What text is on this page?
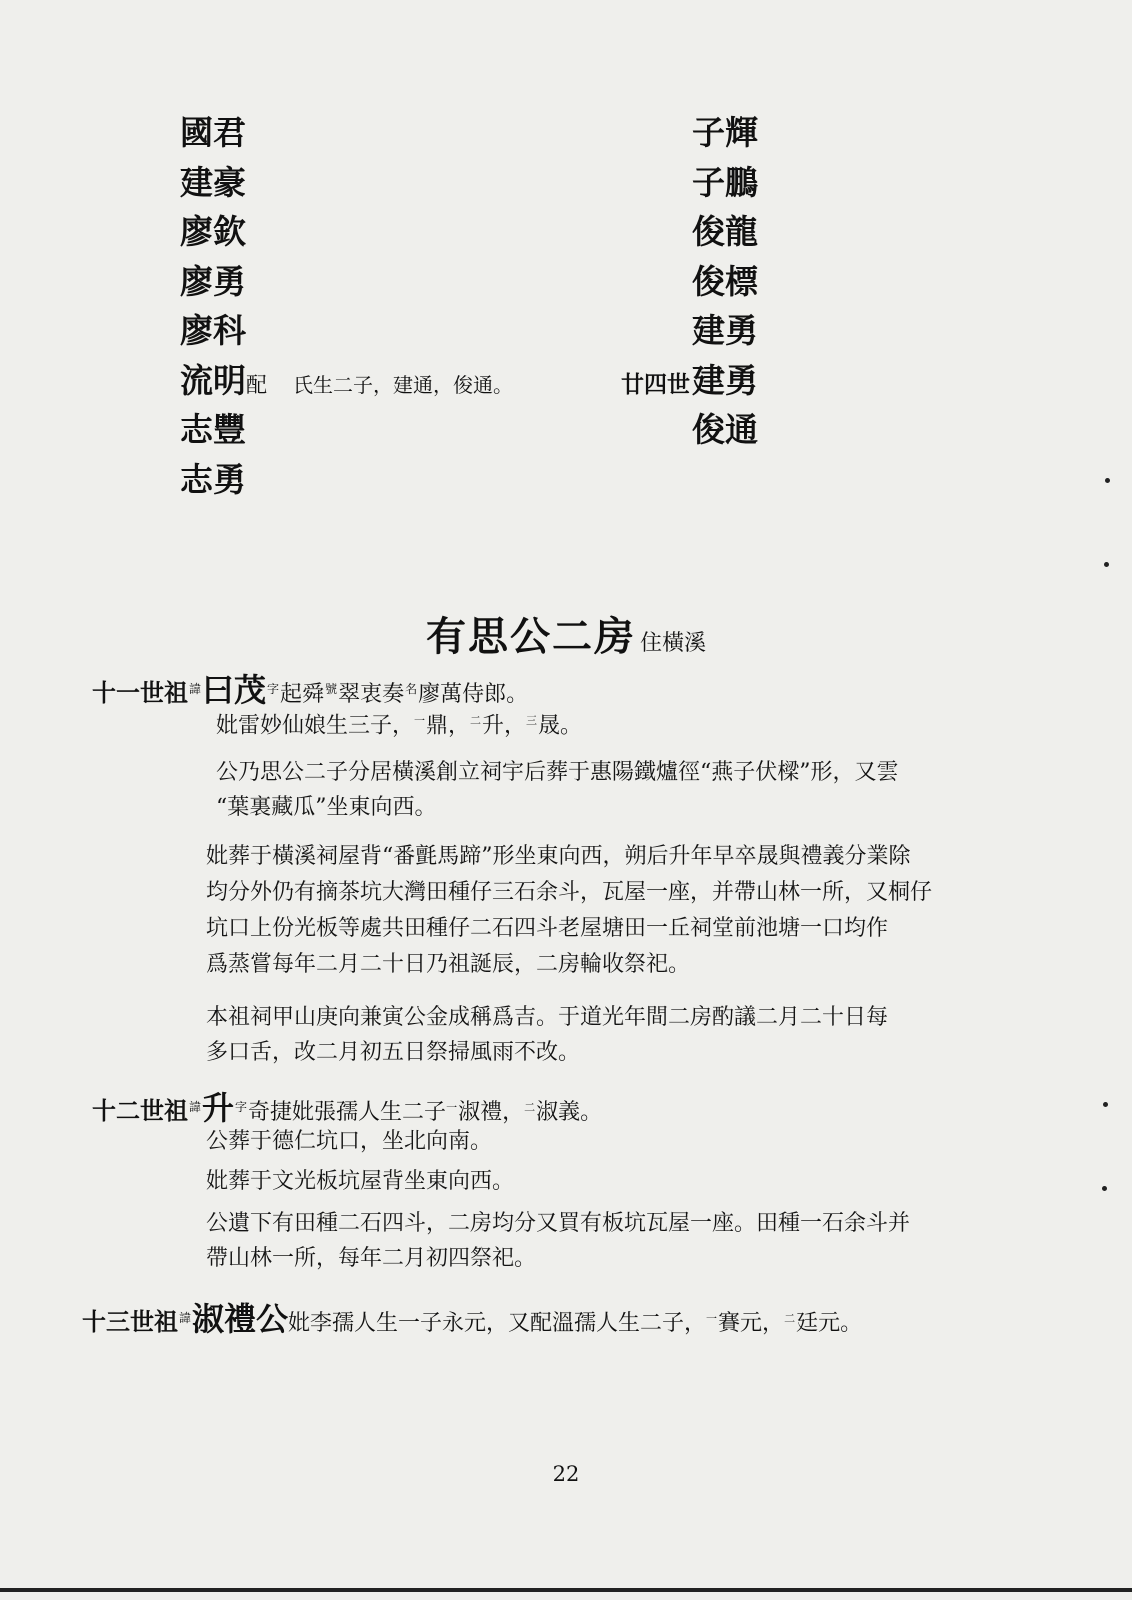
國君
建豪
廖欽
廖勇
廖科
流明配 氏生二子，建通，俊通。
志豐
志勇
子輝
子鵬
俊龍
俊標
建勇
廿四世建勇
俊通
有思公二房 住橫溪
十一世祖$^諱$曰茂$^字$起舜$^號$翠衷奏$^名$廖萬侍郎。
妣雷妙仙娘生三子，$^一$鼎，$^二$升，$^三$晟。
公乃思公二子分居橫溪創立祠宇后葬于惠陽鐵爐徑“燕子伏樑”形，又雲
“葉裏藏瓜”坐東向西。
妣葬于橫溪祠屋背“番氈馬蹄”形坐東向西，朔后升年早卒晟與禮義分業除
均分外仍有摘茶坑大灣田種仔三石余斗，瓦屋一座，并帶山林一所，又桐仔
坑口上份光板等處共田種仔二石四斗老屋塘田一丘祠堂前池塘一口均作
爲蒸嘗每年二月二十日乃祖誕辰，二房輪收祭祀。
本祖祠甲山庚向兼寅公金成稱爲吉。于道光年間二房酌議二月二十日每
多口舌，改二月初五日祭掃風雨不改。
十二世祖$^諱$升$^字$奇捷妣張孺人生二子$^一$淑禮，$^二$淑義。
公葬于德仁坑口，坐北向南。
妣葬于文光板坑屋背坐東向西。
公遺下有田種二石四斗，二房均分又買有板坑瓦屋一座。田種一石余斗并
帶山林一所，每年二月初四祭祀。
十三世祖$^諱$淑禮公妣李孺人生一子永元，又配溫孺人生二子，$^一$賽元，$^二$廷元。
22
